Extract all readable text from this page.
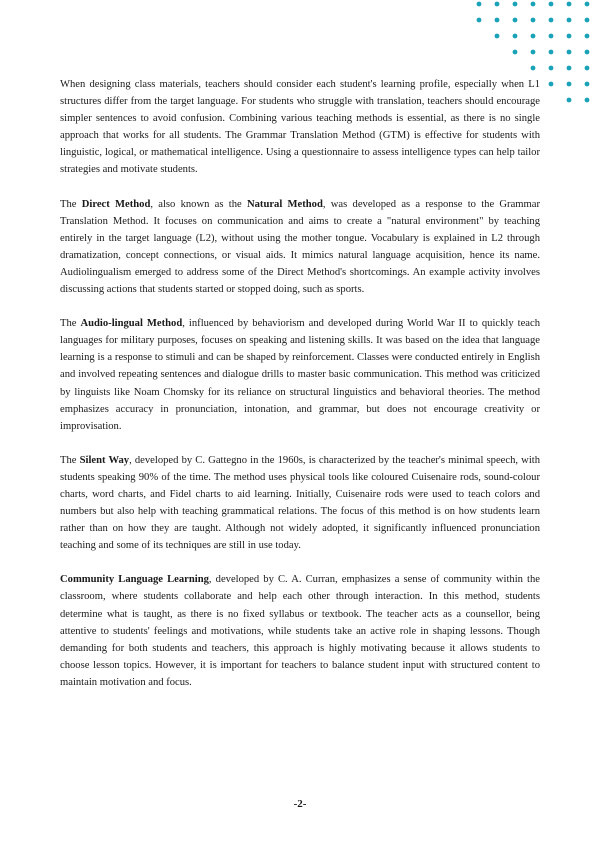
When designing class materials, teachers should consider each student's learning profile, especially when L1 structures differ from the target language. For students who struggle with translation, teachers should encourage simpler sentences to avoid confusion. Combining various teaching methods is essential, as there is no single approach that works for all students. The Grammar Translation Method (GTM) is effective for students with linguistic, logical, or mathematical intelligence. Using a questionnaire to assess intelligence types can help tailor strategies and motivate students.

The Direct Method, also known as the Natural Method, was developed as a response to the Grammar Translation Method. It focuses on communication and aims to create a "natural environment" by teaching entirely in the target language (L2), without using the mother tongue. Vocabulary is explained in L2 through dramatization, concept connections, or visual aids. It mimics natural language acquisition, hence its name. Audiolingualism emerged to address some of the Direct Method's shortcomings. An example activity involves discussing actions that students started or stopped doing, such as sports.

The Audio-lingual Method, influenced by behaviorism and developed during World War II to quickly teach languages for military purposes, focuses on speaking and listening skills. It was based on the idea that language learning is a response to stimuli and can be shaped by reinforcement. Classes were conducted entirely in English and involved repeating sentences and dialogue drills to master basic communication. This method was criticized by linguists like Noam Chomsky for its reliance on structural linguistics and behavioral theories. The method emphasizes accuracy in pronunciation, intonation, and grammar, but does not encourage creativity or improvisation.

The Silent Way, developed by C. Gattegno in the 1960s, is characterized by the teacher's minimal speech, with students speaking 90% of the time. The method uses physical tools like coloured Cuisenaire rods, sound-colour charts, word charts, and Fidel charts to aid learning. Initially, Cuisenaire rods were used to teach colors and numbers but also help with teaching grammatical relations. The focus of this method is on how students learn rather than on how they are taught. Although not widely adopted, it significantly influenced pronunciation teaching and some of its techniques are still in use today.

Community Language Learning, developed by C. A. Curran, emphasizes a sense of community within the classroom, where students collaborate and help each other through interaction. In this method, students determine what is taught, as there is no fixed syllabus or textbook. The teacher acts as a counsellor, being attentive to students' feelings and motivations, while students take an active role in shaping lessons. Though demanding for both students and teachers, this approach is highly motivating because it allows students to choose lesson topics. However, it is important for teachers to balance student input with structured content to maintain motivation and focus.

-2-
